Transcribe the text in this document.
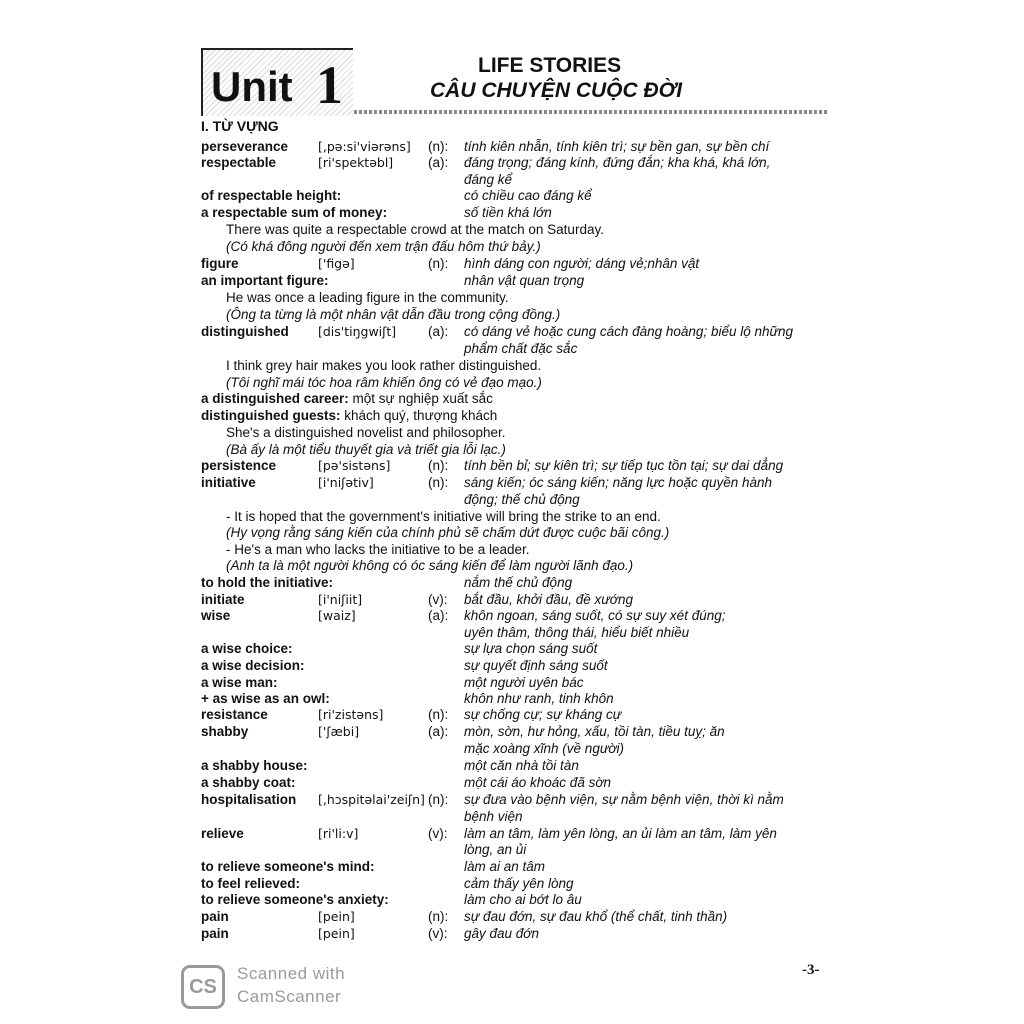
Unit 1	LIFE STORIES
CÂU CHUYỆN CUỘC ĐỜI
I. TỪ VỰNG
perseverance [,pə:si'viərəns] (n): tính kiên nhẫn, tính kiên trì; sự bền gan, sự bền chí
respectable	[ri'spektəbl]	(a): đáng trọng; đáng kính, đứng đắn; kha khá, khá lớn,
đáng kể
of respectable height:	có chiều cao đáng kể
a respectable sum of money:	số tiền khá lớn
There was quite a respectable crowd at the match on Saturday.
(Có khá đông người đến xem trận đấu hôm thứ bảy.)
figure	['figə]	(n): hình dáng con người; dáng vẻ;nhân vật
an important figure:	nhân vật quan trọng
He was once a leading figure in the community.
(Ông ta từng là một nhân vật dẫn đầu trong cộng đồng.)
distinguished [dis'tiŋgwiʃt] (a): có dáng vẻ hoặc cung cách đàng hoàng; biểu lộ những
phẩm chất đặc sắc
I think grey hair makes you look rather distinguished.
(Tôi nghĩ mái tóc hoa râm khiến ông có vẻ đạo mạo.)
a distinguished career: một sự nghiệp xuất sắc
distinguished guests: khách quý, thượng khách
She's a distinguished novelist and philosopher.
(Bà ấy là một tiểu thuyết gia và triết gia lỗi lạc.)
persistence	[pə'sistəns]	(n): tính bền bỉ; sự kiên trì; sự tiếp tục tồn tại; sự dai dẳng
initiative	[i'niʃətiv]	(n): sáng kiến; óc sáng kiến; năng lực hoặc quyền hành
động; thế chủ động
- It is hoped that the government's initiative will bring the strike to an end.
(Hy vọng rằng sáng kiến của chính phủ sẽ chấm dứt được cuộc bãi công.)
- He's a man who lacks the initiative to be a leader.
(Anh ta là một người không có óc sáng kiến để làm người lãnh đạo.)
to hold the initiative:	nắm thế chủ động
initiate	[i'niʃiit]	(v): bắt đầu, khởi đầu, đề xướng
wise	[waiz]	(a): khôn ngoan, sáng suốt, có sự suy xét đúng;
uyên thâm, thông thái, hiểu biết nhiều
a wise choice:	sự lựa chọn sáng suốt
a wise decision:	sự quyết định sáng suốt
a wise man:	một người uyên bác
+ as wise as an owl:	khôn như ranh, tinh khôn
resistance	[ri'zistəns]	(n): sự chống cự; sự kháng cự
shabby	['ʃæbi]	(a): mòn, sờn, hư hỏng, xấu, tồi tàn, tiều tuỵ; ăn
mặc xoàng xĩnh (về người)
a shabby house:	một căn nhà tồi tàn
a shabby coat:	một cái áo khoác đã sờn
hospitalisation [,hɔspitəlai'zeiʃn] (n): sự đưa vào bệnh viện, sự nằm bệnh viện, thời kì nằm
bệnh viện
relieve	[ri'li:v]	(v): làm an tâm, làm yên lòng, an ủi làm an tâm, làm yên
lòng, an ủi
to relieve someone's mind:	làm ai an tâm
to feel relieved:	cảm thấy yên lòng
to relieve someone's anxiety:	làm cho ai bớt lo âu
pain	[pein]	(n): sự đau đớn, sự đau khổ (thể chất, tinh thần)
pain	[pein]	(v): gây đau đớn
CS
Scanned with
CamScanner
-3-
